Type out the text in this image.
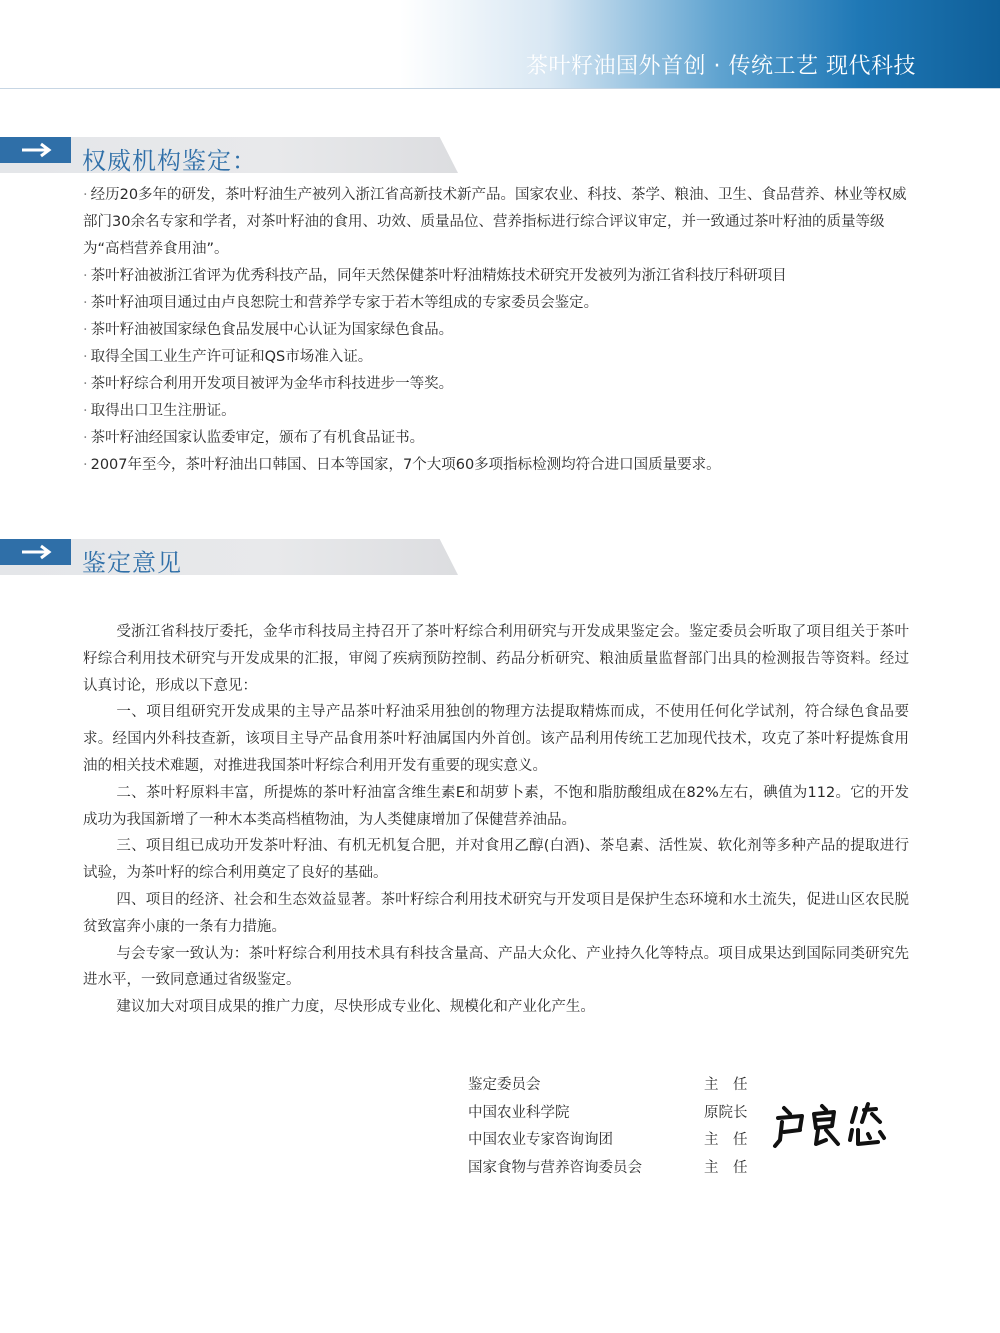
茶叶籽油国外首创 · 传统工艺 现代科技
权威机构鉴定：
· 经历20多年的研发，茶叶籽油生产被列入浙江省高新技术新产品。国家农业、科技、茶学、粮油、卫生、食品营养、林业等权威部门30余名专家和学者，对茶叶籽油的食用、功效、质量品位、营养指标进行综合评议审定，并一致通过茶叶籽油的质量等级为“高档营养食用油”。
· 茶叶籽油被浙江省评为优秀科技产品，同年天然保健茶叶籽油精炼技术研究开发被列为浙江省科技厅科研项目
· 茶叶籽油项目通过由卢良恕院士和营养学专家于若木等组成的专家委员会鉴定。
· 茶叶籽油被国家绿色食品发展中心认证为国家绿色食品。
· 取得全国工业生产许可证和QS市场准入证。
· 茶叶籽综合利用开发项目被评为金华市科技进步一等奖。
· 取得出口卫生注册证。
· 茶叶籽油经国家认监委审定，颁布了有机食品证书。
· 2007年至今，茶叶籽油出口韩国、日本等国家，7个大项60多项指标检测均符合进口国质量要求。
鉴定意见

受浙江省科技厅委托，金华市科技局主持召开了茶叶籽综合利用研究与开发成果鉴定会。鉴定委员会听取了项目组关于茶叶籽综合利用技术研究与开发成果的汇报，审阅了疾病预防控制、药品分析研究、粮油质量监督部门出具的检测报告等资料。经过认真讨论，形成以下意见：

一、项目组研究开发成果的主导产品茶叶籽油采用独创的物理方法提取精炼而成，不使用任何化学试剂，符合绿色食品要求。经国内外科技查新，该项目主导产品食用茶叶籽油属国内外首创。该产品利用传统工艺加现代技术，攻克了茶叶籽提炼食用油的相关技术难题，对推进我国茶叶籽综合利用开发有重要的现实意义。

二、茶叶籽原料丰富，所提炼的茶叶籽油富含维生素E和胡萝卜素，不饱和脂肪酸组成在82%左右，碘值为112。它的开发成功为我国新增了一种木本类高档植物油，为人类健康增加了保健营养油品。

三、项目组已成功开发茶叶籽油、有机无机复合肥，并对食用乙醇(白酒)、茶皂素、活性炭、软化剂等多种产品的提取进行试验，为茶叶籽的综合利用奠定了良好的基础。

四、项目的经济、社会和生态效益显著。茶叶籽综合利用技术研究与开发项目是保护生态环境和水土流失，促进山区农民脱贫致富奔小康的一条有力措施。

与会专家一致认为：茶叶籽综合利用技术具有科技含量高、产品大众化、产业持久化等特点。项目成果达到国际同类研究先进水平，一致同意通过省级鉴定。

建议加大对项目成果的推广力度，尽快形成专业化、规模化和产业化产生。

鉴定委员会	主　任
中国农业科学院	原院长
中国农业专家咨询询团	主　任
国家食物与营养咨询委员会	主　任
